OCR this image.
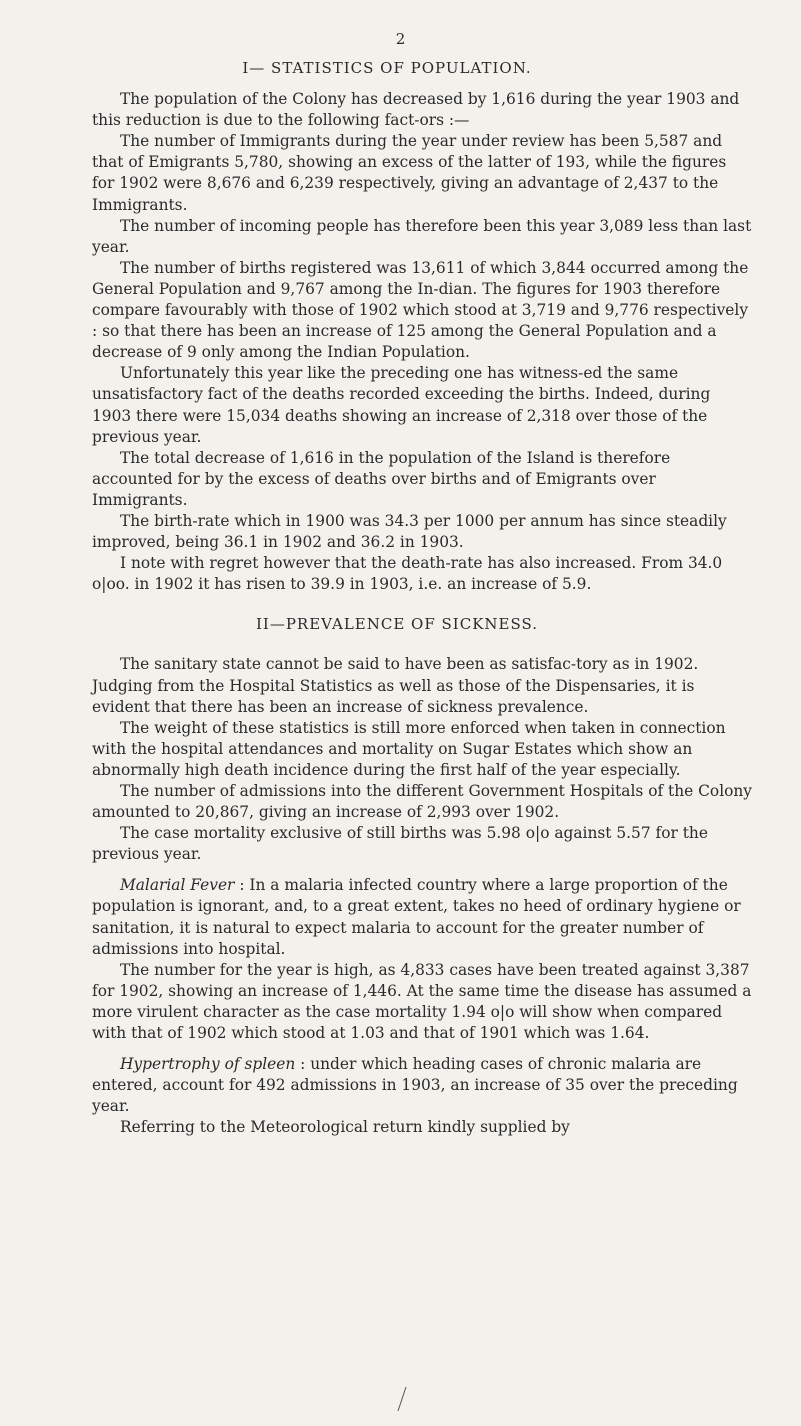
2
I— STATISTICS OF POPULATION.

The population of the Colony has decreased by 1,616 during the year 1903 and this reduction is due to the following fact-ors :—

The number of Immigrants during the year under review has been 5,587 and that of Emigrants 5,780, showing an excess of the latter of 193, while the figures for 1902 were 8,676 and 6,239 respectively, giving an advantage of 2,437 to the Immigrants.

The number of incoming people has therefore been this year 3,089 less than last year.

The number of births registered was 13,611 of which 3,844 occurred among the General Population and 9,767 among the In-dian. The figures for 1903 therefore compare favourably with those of 1902 which stood at 3,719 and 9,776 respectively : so that there has been an increase of 125 among the General Population and a decrease of 9 only among the Indian Population.

Unfortunately this year like the preceding one has witness-ed the same unsatisfactory fact of the deaths recorded exceeding the births. Indeed, during 1903 there were 15,034 deaths showing an increase of 2,318 over those of the previous year.

The total decrease of 1,616 in the population of the Island is therefore accounted for by the excess of deaths over births and of Emigrants over Immigrants.

The birth-rate which in 1900 was 34.3 per 1000 per annum has since steadily improved, being 36.1 in 1902 and 36.2 in 1903.

I note with regret however that the death-rate has also increased. From 34.0 o|oo. in 1902 it has risen to 39.9 in 1903, i.e. an increase of 5.9.

II—PREVALENCE OF SICKNESS.

The sanitary state cannot be said to have been as satisfac-tory as in 1902. Judging from the Hospital Statistics as well as those of the Dispensaries, it is evident that there has been an increase of sickness prevalence.

The weight of these statistics is still more enforced when taken in connection with the hospital attendances and mortality on Sugar Estates which show an abnormally high death incidence during the first half of the year especially.

The number of admissions into the different Government Hospitals of the Colony amounted to 20,867, giving an increase of 2,993 over 1902.

The case mortality exclusive of still births was 5.98 o|o against 5.57 for the previous year.

Malarial Fever : In a malaria infected country where a large proportion of the population is ignorant, and, to a great extent, takes no heed of ordinary hygiene or sanitation, it is natural to expect malaria to account for the greater number of admissions into hospital.

The number for the year is high, as 4,833 cases have been treated against 3,387 for 1902, showing an increase of 1,446. At the same time the disease has assumed a more virulent character as the case mortality 1.94 o|o will show when compared with that of 1902 which stood at 1.03 and that of 1901 which was 1.64.

Hypertrophy of spleen : under which heading cases of chronic malaria are entered, account for 492 admissions in 1903, an increase of 35 over the preceding year.

Referring to the Meteorological return kindly supplied by
